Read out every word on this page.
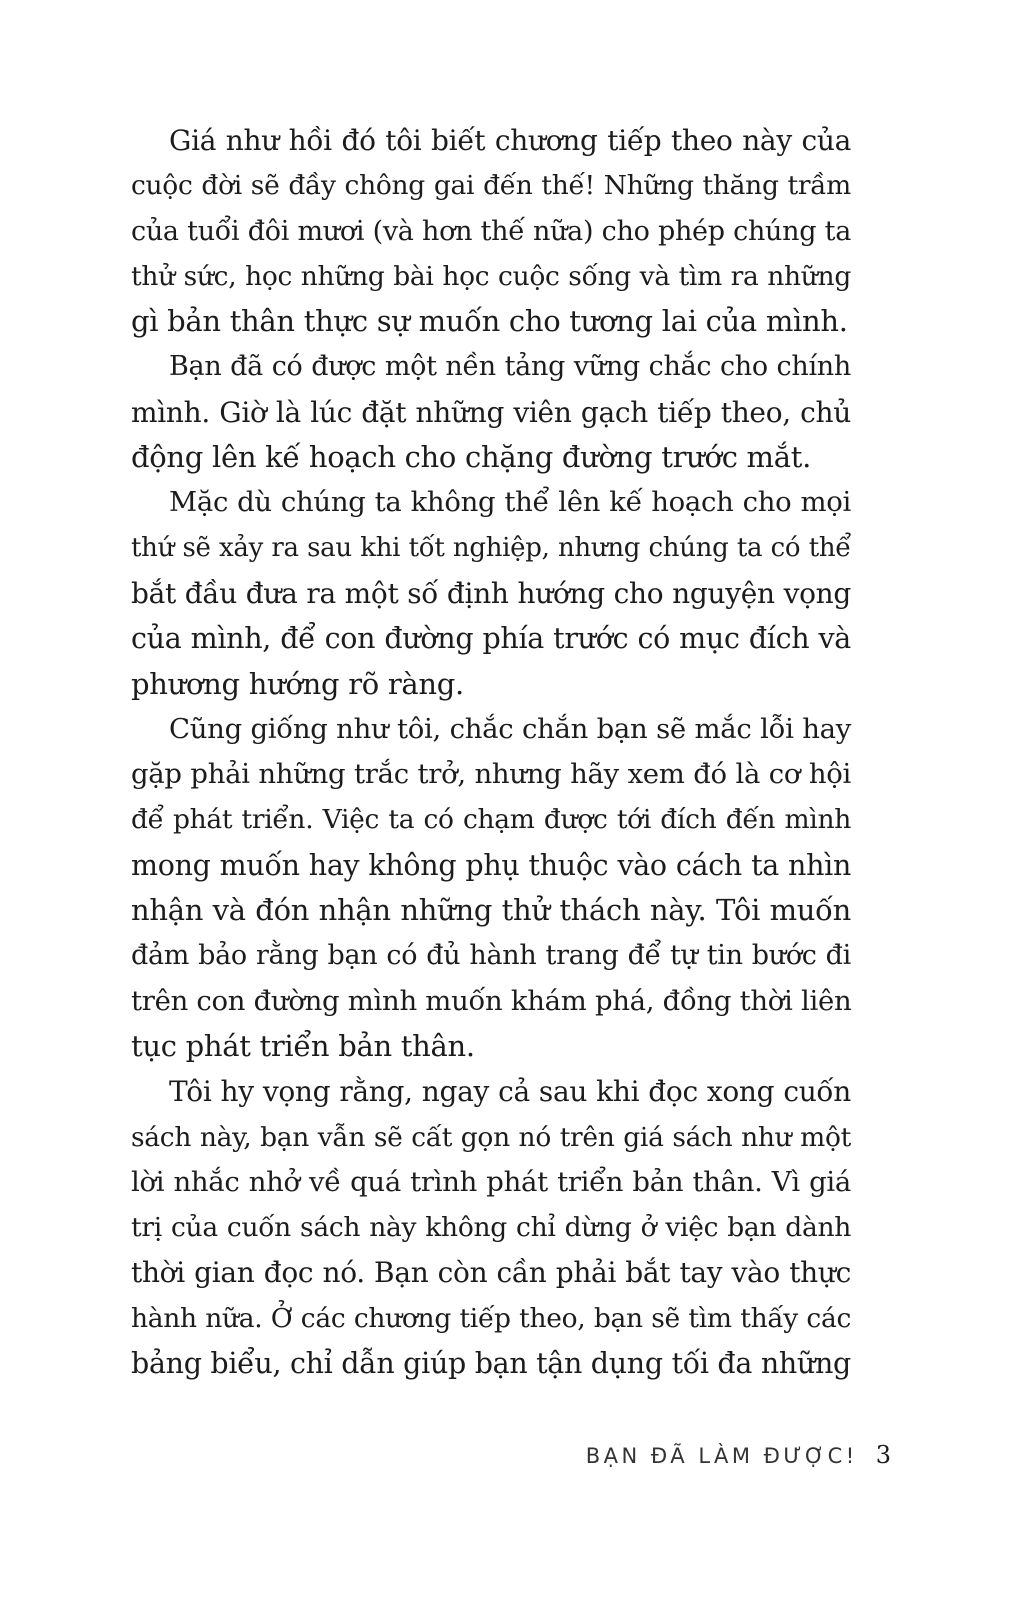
Giá như hồi đó tôi biết chương tiếp theo này của
cuộc đời sẽ đầy chông gai đến thế! Những thăng trầm
của tuổi đôi mươi (và hơn thế nữa) cho phép chúng ta
thử sức, học những bài học cuộc sống và tìm ra những
gì bản thân thực sự muốn cho tương lai của mình.
Bạn đã có được một nền tảng vững chắc cho chính
mình. Giờ là lúc đặt những viên gạch tiếp theo, chủ
động lên kế hoạch cho chặng đường trước mắt.
Mặc dù chúng ta không thể lên kế hoạch cho mọi
thứ sẽ xảy ra sau khi tốt nghiệp, nhưng chúng ta có thể
bắt đầu đưa ra một số định hướng cho nguyện vọng
của mình, để con đường phía trước có mục đích và
phương hướng rõ ràng.
Cũng giống như tôi, chắc chắn bạn sẽ mắc lỗi hay
gặp phải những trắc trở, nhưng hãy xem đó là cơ hội
để phát triển. Việc ta có chạm được tới đích đến mình
mong muốn hay không phụ thuộc vào cách ta nhìn
nhận và đón nhận những thử thách này. Tôi muốn
đảm bảo rằng bạn có đủ hành trang để tự tin bước đi
trên con đường mình muốn khám phá, đồng thời liên
tục phát triển bản thân.
Tôi hy vọng rằng, ngay cả sau khi đọc xong cuốn
sách này, bạn vẫn sẽ cất gọn nó trên giá sách như một
lời nhắc nhở về quá trình phát triển bản thân. Vì giá
trị của cuốn sách này không chỉ dừng ở việc bạn dành
thời gian đọc nó. Bạn còn cần phải bắt tay vào thực
hành nữa. Ở các chương tiếp theo, bạn sẽ tìm thấy các
bảng biểu, chỉ dẫn giúp bạn tận dụng tối đa những
BẠN ĐÃ LÀM ĐƯỢC! 3
